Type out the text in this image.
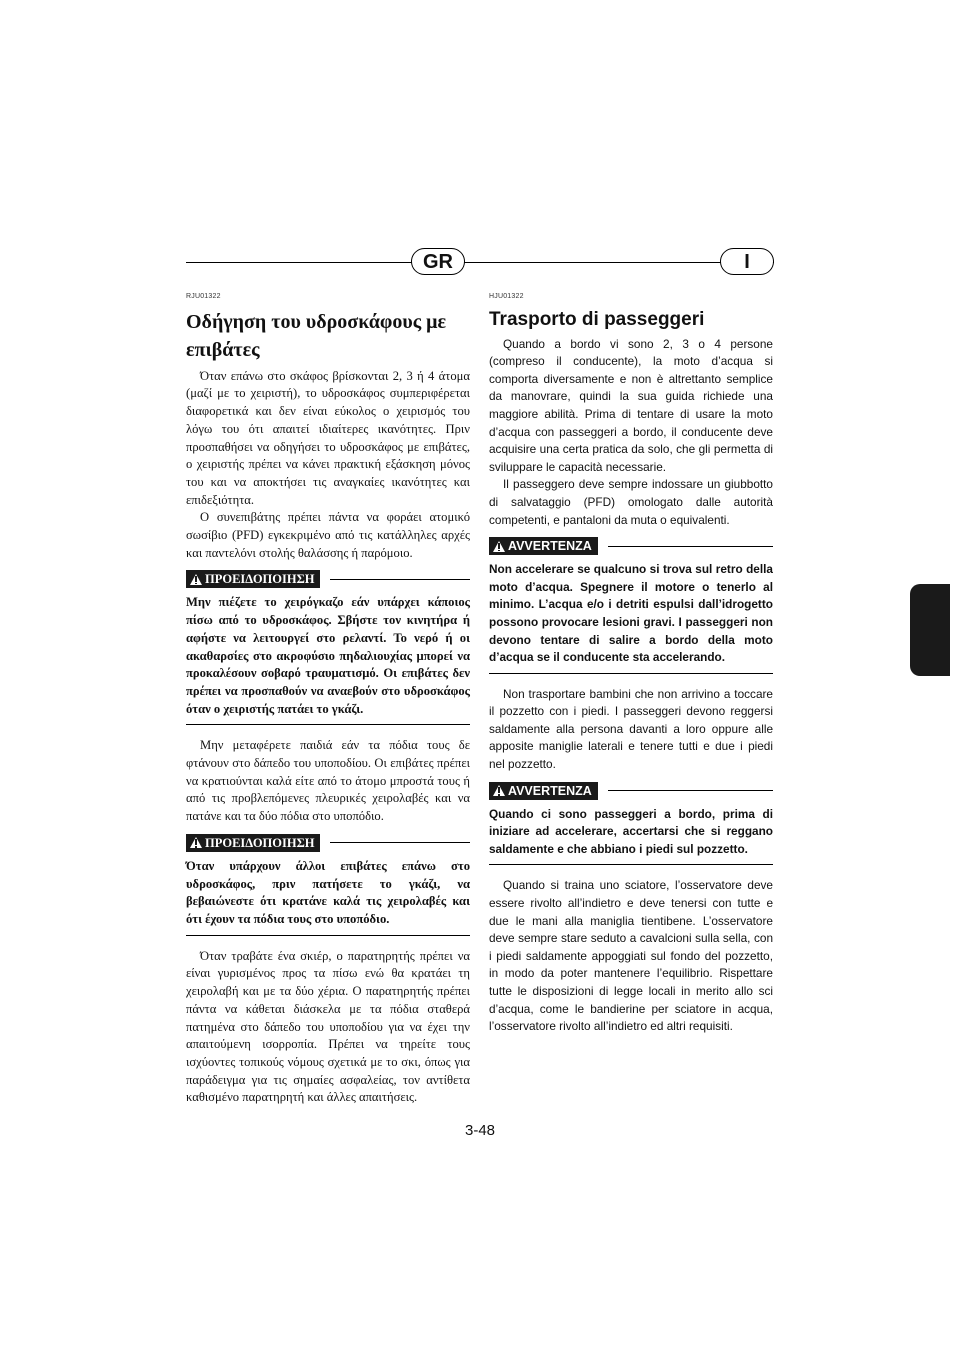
GR	I
RJU01322
Οδήγηση του υδροσκάφους με επιβάτες

Όταν επάνω στο σκάφος βρίσκονται 2, 3 ή 4 άτομα (μαζί με το χειριστή), το υδροσκάφος συμπεριφέρεται διαφορετικά και δεν είναι εύκολος ο χειρισμός του λόγω του ότι απαιτεί ιδιαίτερες ικανότητες. Πριν προσπαθήσει να οδηγήσει το υδροσκάφος με επιβάτες, ο χειριστής πρέπει να κάνει πρακτική εξάσκηση μόνος του και να αποκτήσει τις αναγκαίες ικανότητες και επιδεξιότητα.

Ο συνεπιβάτης πρέπει πάντα να φοράει ατομικό σωσίβιο (PFD) εγκεκριμένο από τις κατάλληλες αρχές και παντελόνι στολής θαλάσσης ή παρόμοιο.

ΠΡΟΕΙΔΟΠΟΙΗΣΗ
Μην πιέζετε το χειρόγκαζο εάν υπάρχει κάποιος πίσω από το υδροσκάφος. Σβήστε τον κινητήρα ή αφήστε να λειτουργεί στο ρελαντί. Το νερό ή οι ακαθαρσίες στο ακροφύσιο πηδαλιουχίας μπορεί να προκαλέσουν σοβαρό τραυματισμό. Οι επιβάτες δεν πρέπει να προσπαθούν να αναεβούν στο υδροσκάφος όταν ο χειριστής πατάει το γκάζι.

Μην μεταφέρετε παιδιά εάν τα πόδια τους δε φτάνουν στο δάπεδο του υποποδίου. Οι επιβάτες πρέπει να κρατιούνται καλά είτε από το άτομο μπροστά τους ή από τις προβλεπόμενες πλευρικές χειρολαβές και να πατάνε και τα δύο πόδια στο υποπόδιο.

ΠΡΟΕΙΔΟΠΟΙΗΣΗ
Όταν υπάρχουν άλλοι επιβάτες επάνω στο υδροσκάφος, πριν πατήσετε το γκάζι, να βεβαιώνεστε ότι κρατάνε καλά τις χειρολαβές και ότι έχουν τα πόδια τους στο υποπόδιο.

Όταν τραβάτε ένα σκιέρ, ο παρατηρητής πρέπει να είναι γυρισμένος προς τα πίσω ενώ θα κρατάει τη χειρολαβή και με τα δύο χέρια. Ο παρατηρητής πρέπει πάντα να κάθεται διάσκελα με τα πόδια σταθερά πατημένα στο δάπεδο του υποποδίου για να έχει την απαιτούμενη ισορροπία. Πρέπει να τηρείτε τους ισχύοντες τοπικούς νόμους σχετικά με το σκι, όπως για παράδειγμα για τις σημαίες ασφαλείας, τον αντίθετα καθισμένο παρατηρητή και άλλες απαιτήσεις.

HJU01322
Trasporto di passeggeri

Quando a bordo vi sono 2, 3 o 4 persone (compreso il conducente), la moto d’acqua si comporta diversamente e non è altrettanto semplice da manovrare, quindi la sua guida richiede una maggiore abilità. Prima di tentare di usare la moto d’acqua con passeggeri a bordo, il conducente deve acquisire una certa pratica da solo, che gli permetta di sviluppare le capacità necessarie.

Il passeggero deve sempre indossare un giubbotto di salvataggio (PFD) omologato dalle autorità competenti, e pantaloni da muta o equivalenti.

AVVERTENZA
Non accelerare se qualcuno si trova sul retro della moto d’acqua. Spegnere il motore o tenerlo al minimo. L’acqua e/o i detriti espulsi dall’idrogetto possono provocare lesioni gravi. I passeggeri non devono tentare di salire a bordo della moto d’acqua se il conducente sta accelerando.

Non trasportare bambini che non arrivino a toccare il pozzetto con i piedi. I passeggeri devono reggersi saldamente alla persona davanti a loro oppure alle apposite maniglie laterali e tenere tutti e due i piedi nel pozzetto.

AVVERTENZA
Quando ci sono passeggeri a bordo, prima di iniziare ad accelerare, accertarsi che si reggano saldamente e che abbiano i piedi sul pozzetto.

Quando si traina uno sciatore, l’osservatore deve essere rivolto all’indietro e deve tenersi con tutte e due le mani alla maniglia tientibene. L’osservatore deve sempre stare seduto a cavalcioni sulla sella, con i piedi saldamente appoggiati sul fondo del pozzetto, in modo da poter mantenere l’equilibrio. Rispettare tutte le disposizioni di legge locali in merito allo sci d’acqua, come le bandierine per sciatore in acqua, l’osservatore rivolto all’indietro ed altri requisiti.

3-48
